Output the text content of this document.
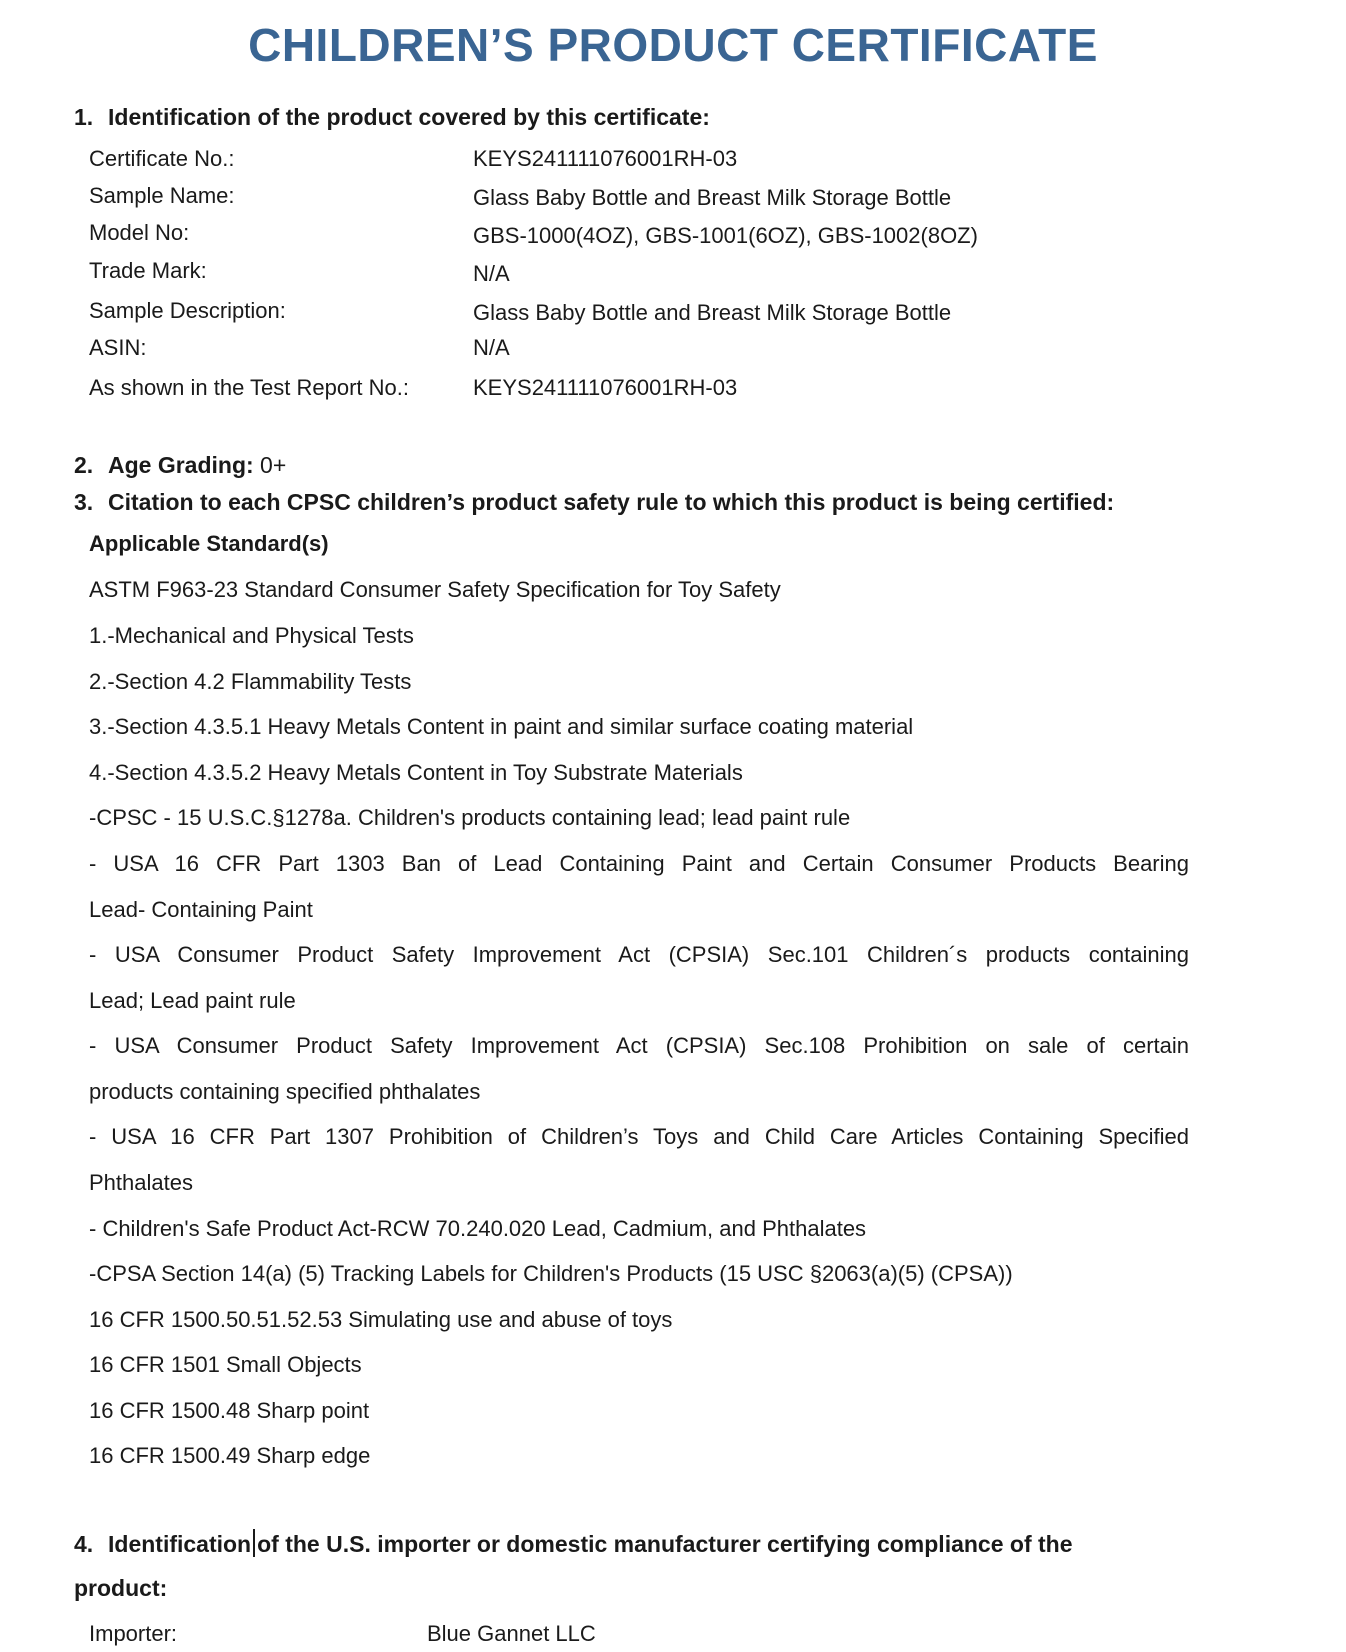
CHILDREN’S PRODUCT CERTIFICATE

1. Identification of the product covered by this certificate:

Certificate No.:	KEYS241111076001RH-03

Sample Name:	Glass Baby Bottle and Breast Milk Storage Bottle

Model No:	GBS-1000(4OZ), GBS-1001(6OZ), GBS-1002(8OZ)

Trade Mark:	N/A

Sample Description:	Glass Baby Bottle and Breast Milk Storage Bottle

ASIN:	N/A

As shown in the Test Report No.:	KEYS241111076001RH-03

2. Age Grading: 0+

3. Citation to each CPSC children’s product safety rule to which this product is being certified:

Applicable Standard(s)

ASTM F963-23 Standard Consumer Safety Specification for Toy Safety

1.-Mechanical and Physical Tests

2.-Section 4.2 Flammability Tests

3.-Section 4.3.5.1 Heavy Metals Content in paint and similar surface coating material

4.-Section 4.3.5.2 Heavy Metals Content in Toy Substrate Materials

-CPSC - 15 U.S.C.§1278a. Children's products containing lead; lead paint rule

- USA 16 CFR Part 1303 Ban of Lead Containing Paint and Certain Consumer Products Bearing

Lead- Containing Paint

- USA Consumer Product Safety Improvement Act (CPSIA) Sec.101 Children´s products containing

Lead; Lead paint rule

- USA Consumer Product Safety Improvement Act (CPSIA) Sec.108 Prohibition on sale of certain

products containing specified phthalates

- USA 16 CFR Part 1307 Prohibition of Children’s Toys and Child Care Articles Containing Specified

Phthalates

- Children's Safe Product Act-RCW 70.240.020 Lead, Cadmium, and Phthalates

-CPSA Section 14(a) (5) Tracking Labels for Children's Products (15 USC §2063(a)(5) (CPSA))

16 CFR 1500.50.51.52.53 Simulating use and abuse of toys

16 CFR 1501 Small Objects

16 CFR 1500.48 Sharp point

16 CFR 1500.49 Sharp edge

4. Identification of the U.S. importer or domestic manufacturer certifying compliance of the

product:

Importer:	Blue Gannet LLC
